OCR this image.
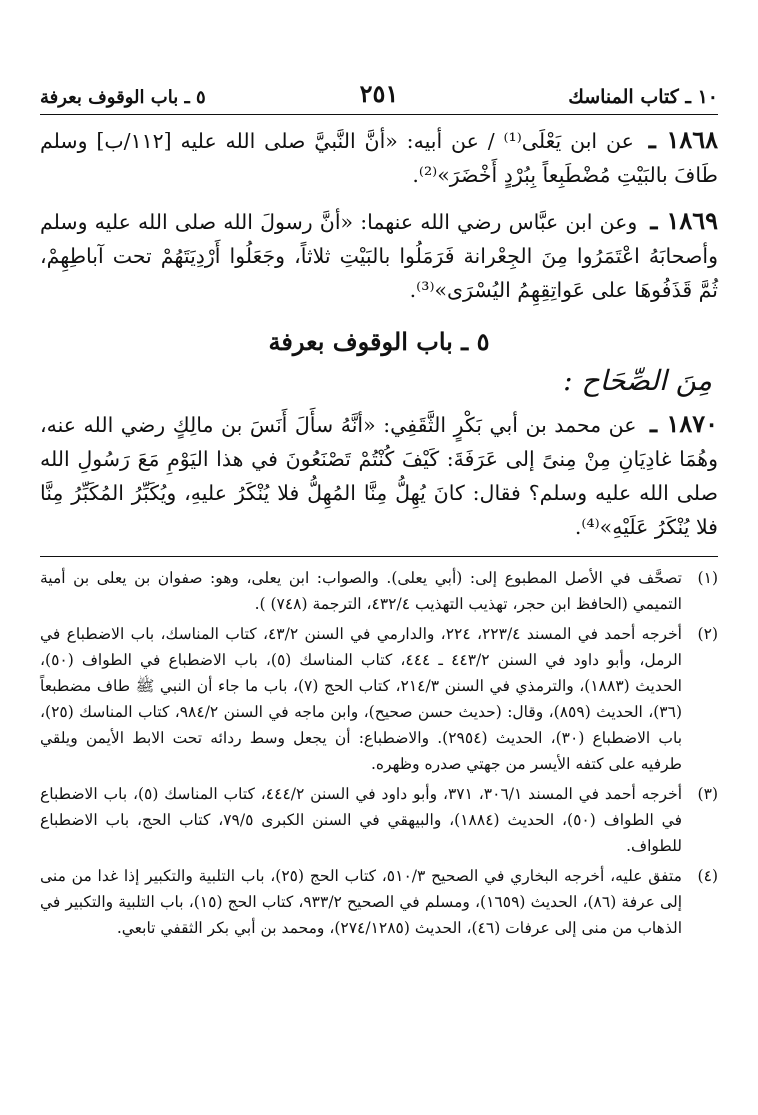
١٠ ـ كتاب المناسك
٢٥١
٥ ـ باب الوقوف بعرفة

١٨٦٨ ـ عن ابن يَعْلَى⁽¹⁾ / عن أبيه: «أنَّ النَّبيَّ صلى الله عليه [١١٢/ب] وسلم طَافَ بالبَيْتِ مُضْطَبِعاً بِبُرْدٍ أَخْضَرَ»⁽²⁾.

١٨٦٩ ـ وعن ابن عبَّاس رضي الله عنهما: «أنَّ رسولَ الله صلى الله عليه وسلم وأصحابَهُ اعْتَمَرُوا مِنَ الجِعْرانة فَرَمَلُوا بالبَيْتِ ثلاثاً، وجَعَلُوا أَرْدِيَتَهُمْ تحت آباطِهِمْ، ثُمَّ قَذَفُوهَا على عَواتِقِهِمُ اليُسْرَى»⁽³⁾.

٥ ـ باب الوقوف بعرفة
مِنَ الصِّحَاح :

١٨٧٠ ـ عن محمد بن أبي بَكْرٍ الثَّقَفِي: «أنَّهُ سأَلَ أَنَسَ بن مالِكٍ رضي الله عنه، وهُمَا غادِيَانِ مِنْ مِنىً إلى عَرَفَةَ: كَيْفَ كُنْتُمْ تَصْنَعُونَ في هذا اليَوْمِ مَعَ رَسُولِ الله صلى الله عليه وسلم؟ فقال: كانَ يُهِلُّ مِنَّا المُهِلُّ فلا يُنْكَرُ عليهِ، ويُكَبِّرُ المُكَبِّرُ مِنَّا فلا يُنْكَرُ عَلَيْهِ»⁽⁴⁾.

(١)
تصحَّف في الأصل المطبوع إلى: (أبي يعلى). والصواب: ابن يعلى، وهو: صفوان بن يعلى بن أمية التميمي (الحافظ ابن حجر، تهذيب التهذيب ٤٣٢/٤، الترجمة (٧٤٨) ).
(٢)
أخرجه أحمد في المسند ٢٢٣/٤، ٢٢٤، والدارمي في السنن ٤٣/٢، كتاب المناسك، باب الاضطباع في الرمل، وأبو داود في السنن ٤٤٣/٢ ـ ٤٤٤، كتاب المناسك (٥)، باب الاضطباع في الطواف (٥٠)، الحديث (١٨٨٣)، والترمذي في السنن ٢١٤/٣، كتاب الحج (٧)، باب ما جاء أن النبي ﷺ طاف مضطبعاً (٣٦)، الحديث (٨٥٩)، وقال: (حديث حسن صحيح)، وابن ماجه في السنن ٩٨٤/٢، كتاب المناسك (٢٥)، باب الاضطباع (٣٠)، الحديث (٢٩٥٤). والاضطباع: أن يجعل وسط ردائه تحت الابط الأيمن ويلقي طرفيه على كتفه الأيسر من جهتي صدره وظهره.
(٣)
أخرجه أحمد في المسند ٣٠٦/١، ٣٧١، وأبو داود في السنن ٤٤٤/٢، كتاب المناسك (٥)، باب الاضطباع في الطواف (٥٠)، الحديث (١٨٨٤)، والبيهقي في السنن الكبرى ٧٩/٥، كتاب الحج، باب الاضطباع للطواف.
(٤)
متفق عليه، أخرجه البخاري في الصحيح ٥١٠/٣، كتاب الحج (٢٥)، باب التلبية والتكبير إذا غدا من منى إلى عرفة (٨٦)، الحديث (١٦٥٩)، ومسلم في الصحيح ٩٣٣/٢، كتاب الحج (١٥)، باب التلبية والتكبير في الذهاب من منى إلى عرفات (٤٦)، الحديث (٢٧٤/١٢٨٥)، ومحمد بن أبي بكر الثقفي تابعي.
